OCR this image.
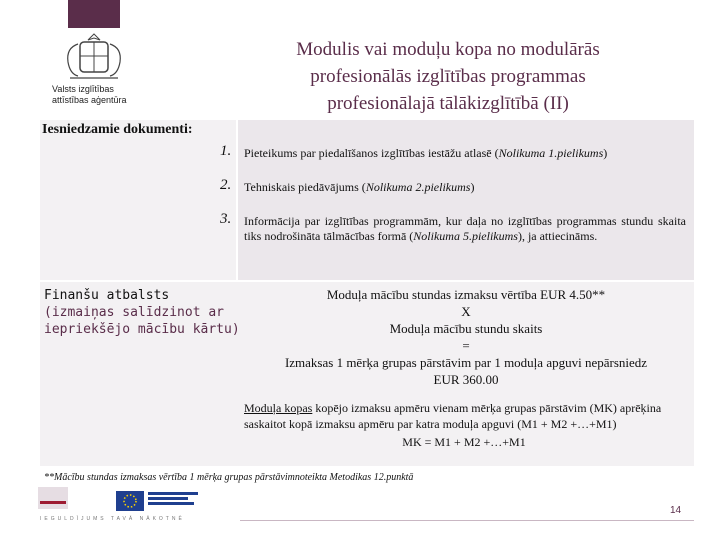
Valsts izglītības
attīstības aģentūra
Modulis vai moduļu kopa no modulārās
profesionālās izglītības programmas
profesionālajā tālākizglītībā (II)
Iesniedzamie dokumenti:
1. Pieteikums par piedalīšanos izglītības iestāžu atlasē (Nolikuma 1.pielikums)
2. Tehniskais piedāvājums (Nolikuma 2.pielikums)
3. Informācija par izglītības programmām, kur daļa no izglītības programmas stundu skaita tiks nodrošināta tālmācības formā (Nolikuma 5.pielikums), ja attiecināms.
Finanšu atbalsts
(izmaiņas salīdzinot ar
iepriekšējo mācību kārtu)
Moduļa mācību stundas izmaksu vērtība EUR 4.50**
X
Moduļa mācību stundu skaits
=
Izmaksas 1 mērķa grupas pārstāvim par 1 moduļa apguvi nepārsniedz
EUR 360.00
Moduļa kopas kopējo izmaksu apmēru vienam mērķa grupas pārstāvim (MK) aprēķina saskaitot kopā izmaksu apmēru par katra moduļa apguvi (M1 + M2 +…+M1)
MK = M1 + M2 +…+M1
**Mācību stundas izmaksas vērtība 1 mērķa grupas pārstāvimnoteikta Metodikas 12.punktā
IEGULDĪJUMS TAVĀ NĀKOTNĒ
14
